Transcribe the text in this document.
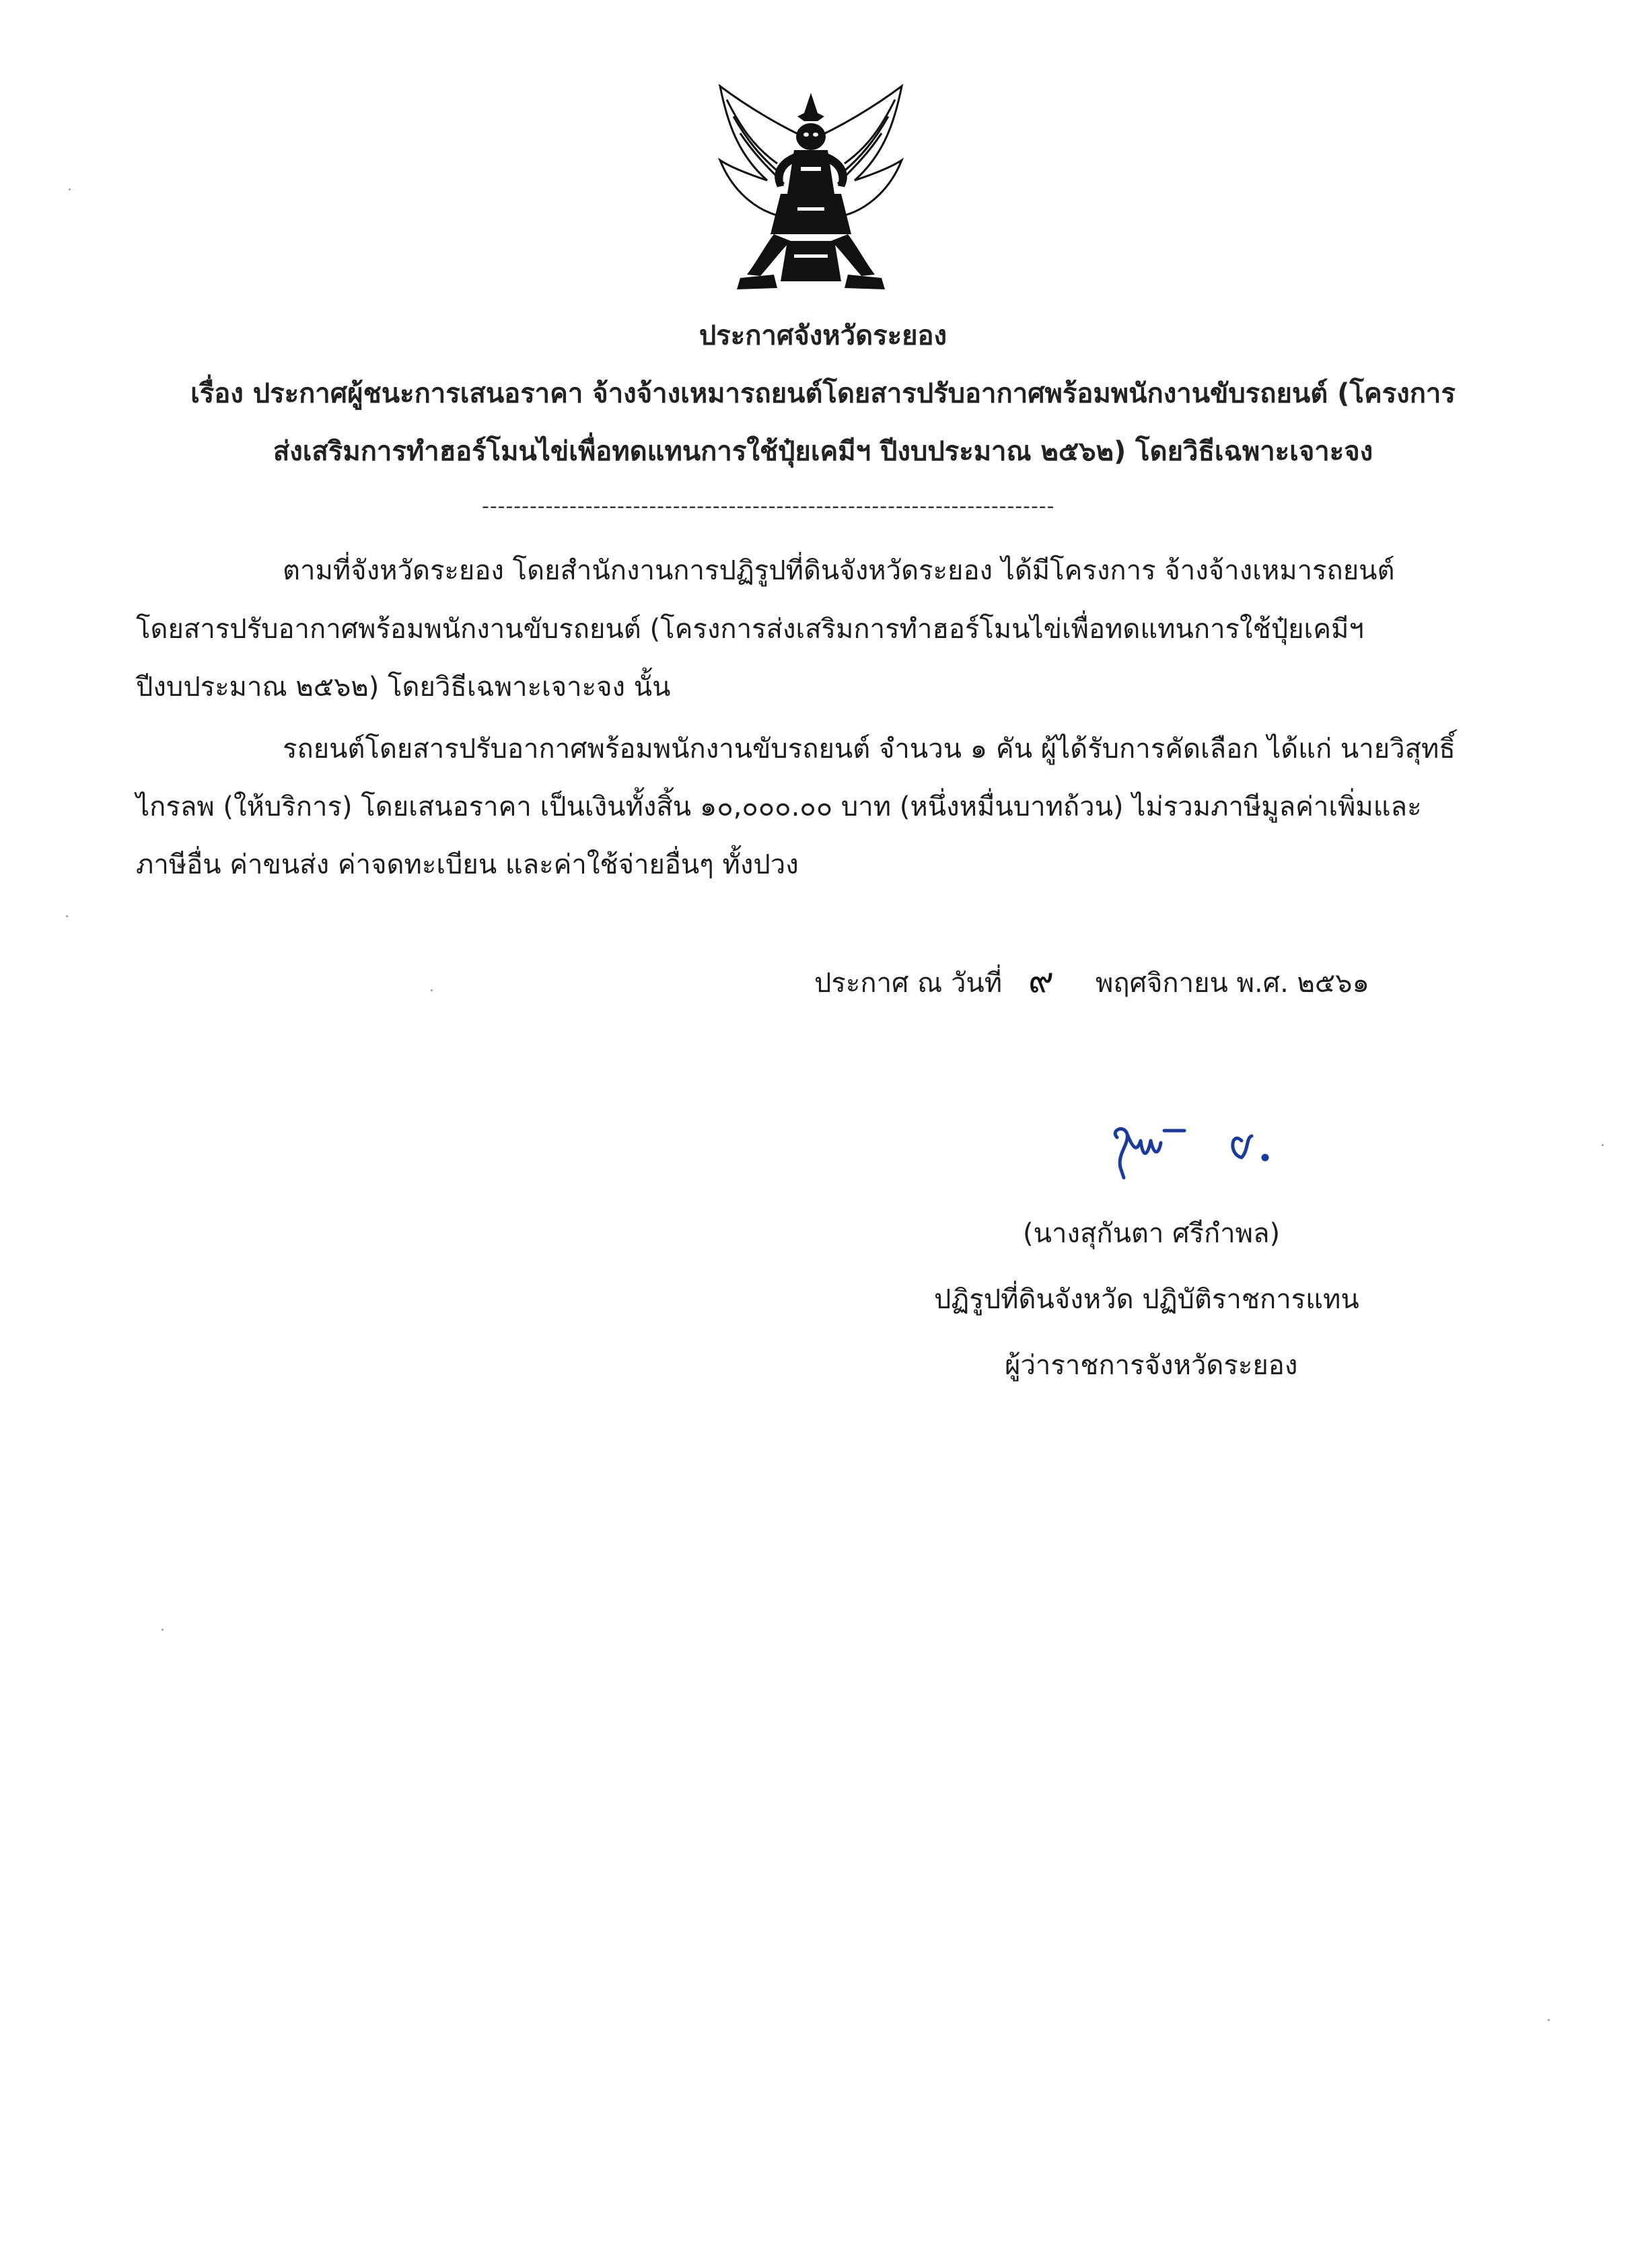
ประกาศจังหวัดระยอง
เรื่อง ประกาศผู้ชนะการเสนอราคา จ้างจ้างเหมารถยนต์โดยสารปรับอากาศพร้อมพนักงานขับรถยนต์ (โครงการ
ส่งเสริมการทำฮอร์โมนไข่เพื่อทดแทนการใช้ปุ๋ยเคมีฯ ปีงบประมาณ ๒๕๖๒) โดยวิธีเฉพาะเจาะจง
------------------------------------------------------------------------
ตามที่จังหวัดระยอง โดยสำนักงานการปฏิรูปที่ดินจังหวัดระยอง ได้มีโครงการ จ้างจ้างเหมารถยนต์
โดยสารปรับอากาศพร้อมพนักงานขับรถยนต์ (โครงการส่งเสริมการทำฮอร์โมนไข่เพื่อทดแทนการใช้ปุ๋ยเคมีฯ
ปีงบประมาณ ๒๕๖๒) โดยวิธีเฉพาะเจาะจง นั้น
รถยนต์โดยสารปรับอากาศพร้อมพนักงานขับรถยนต์ จำนวน ๑ คัน ผู้ได้รับการคัดเลือก ได้แก่ นายวิสุทธิ์
ไกรลพ (ให้บริการ) โดยเสนอราคา เป็นเงินทั้งสิ้น ๑๐,๐๐๐.๐๐ บาท (หนึ่งหมื่นบาทถ้วน) ไม่รวมภาษีมูลค่าเพิ่มและ
ภาษีอื่น ค่าขนส่ง ค่าจดทะเบียน และค่าใช้จ่ายอื่นๆ ทั้งปวง
ประกาศ ณ วันที่ ๙ พฤศจิกายน พ.ศ. ๒๕๖๑
(นางสุกันตา ศรีกำพล)
ปฏิรูปที่ดินจังหวัด ปฏิบัติราชการแทน
ผู้ว่าราชการจังหวัดระยอง
